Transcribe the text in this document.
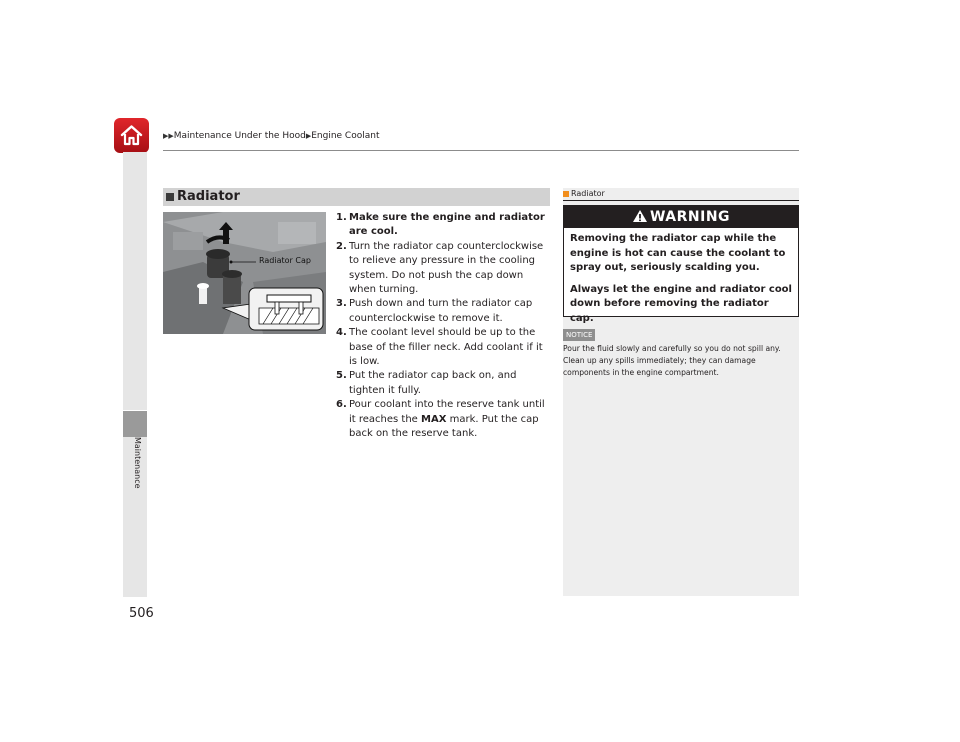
▶▶Maintenance Under the Hood▶Engine Coolant
Maintenance
506
Radiator
Radiator Cap
1. Make sure the engine and radiator are cool.
2. Turn the radiator cap counterclockwise to relieve any pressure in the cooling system. Do not push the cap down when turning.
3. Push down and turn the radiator cap counterclockwise to remove it.
4. The coolant level should be up to the base of the filler neck. Add coolant if it is low.
5. Put the radiator cap back on, and tighten it fully.
6. Pour coolant into the reserve tank until it reaches the MAX mark. Put the cap back on the reserve tank.
Radiator
WARNING

Removing the radiator cap while the engine is hot can cause the coolant to spray out, seriously scalding you.

Always let the engine and radiator cool down before removing the radiator cap.

NOTICE
Pour the fluid slowly and carefully so you do not spill any. Clean up any spills immediately; they can damage components in the engine compartment.
